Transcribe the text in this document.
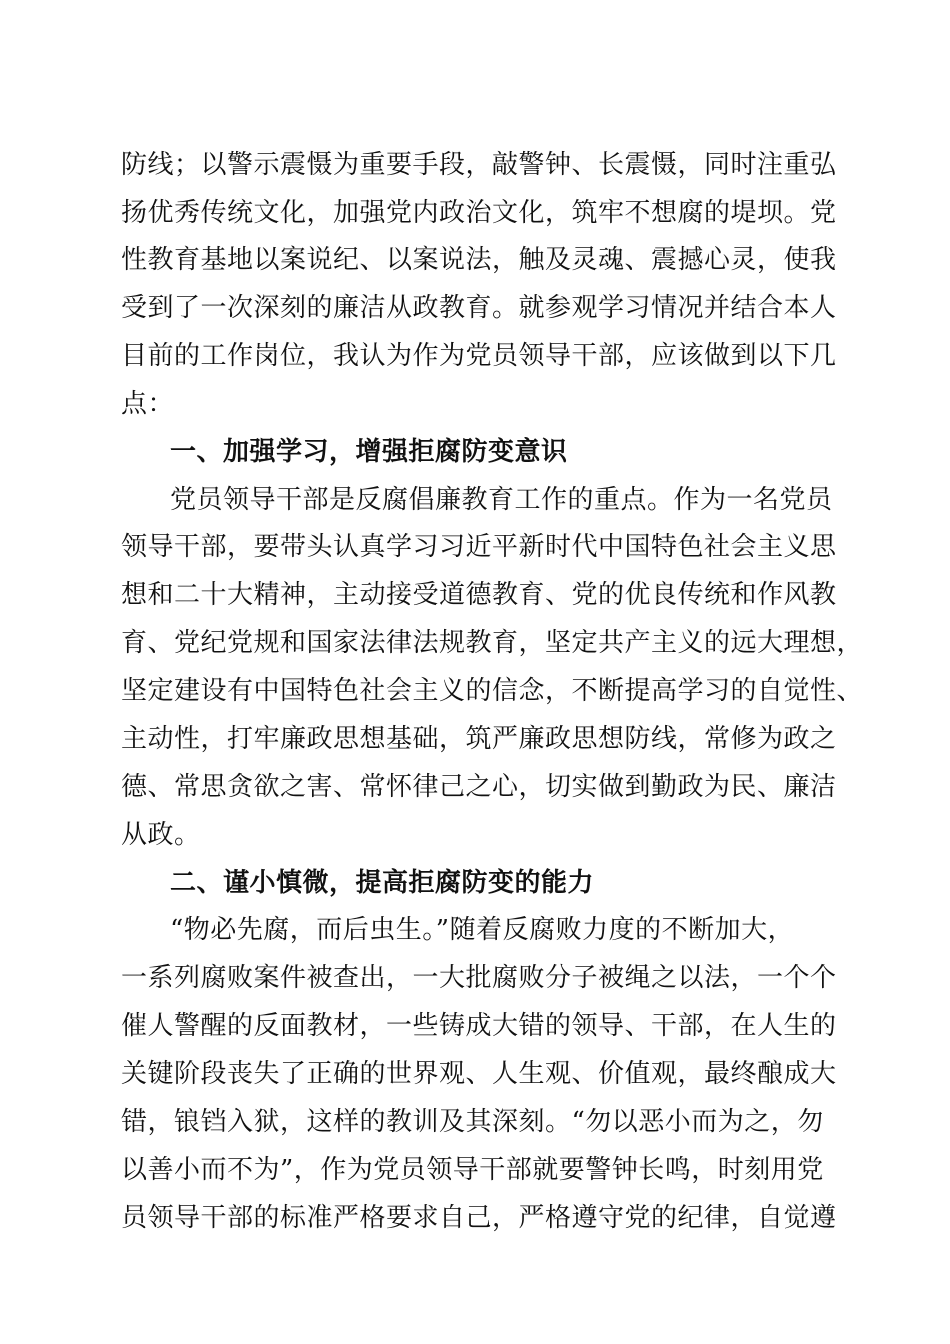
防线；以警示震慑为重要手段，敲警钟、长震慑，同时注重弘
扬优秀传统文化，加强党内政治文化，筑牢不想腐的堤坝。党
性教育基地以案说纪、以案说法，触及灵魂、震撼心灵，使我
受到了一次深刻的廉洁从政教育。就参观学习情况并结合本人
目前的工作岗位，我认为作为党员领导干部，应该做到以下几
点：
一、加强学习，增强拒腐防变意识
党员领导干部是反腐倡廉教育工作的重点。作为一名党员
领导干部，要带头认真学习习近平新时代中国特色社会主义思
想和二十大精神，主动接受道德教育、党的优良传统和作风教
育、党纪党规和国家法律法规教育，坚定共产主义的远大理想，
坚定建设有中国特色社会主义的信念，不断提高学习的自觉性、
主动性，打牢廉政思想基础，筑严廉政思想防线，常修为政之
德、常思贪欲之害、常怀律己之心，切实做到勤政为民、廉洁
从政。
二、谨小慎微，提高拒腐防变的能力
“物必先腐，而后虫生。”随着反腐败力度的不断加大，
一系列腐败案件被查出，一大批腐败分子被绳之以法，一个个
催人警醒的反面教材，一些铸成大错的领导、干部，在人生的
关键阶段丧失了正确的世界观、人生观、价值观，最终酿成大
错，锒铛入狱，这样的教训及其深刻。“勿以恶小而为之，勿
以善小而不为”，作为党员领导干部就要警钟长鸣，时刻用党
员领导干部的标准严格要求自己，严格遵守党的纪律，自觉遵
